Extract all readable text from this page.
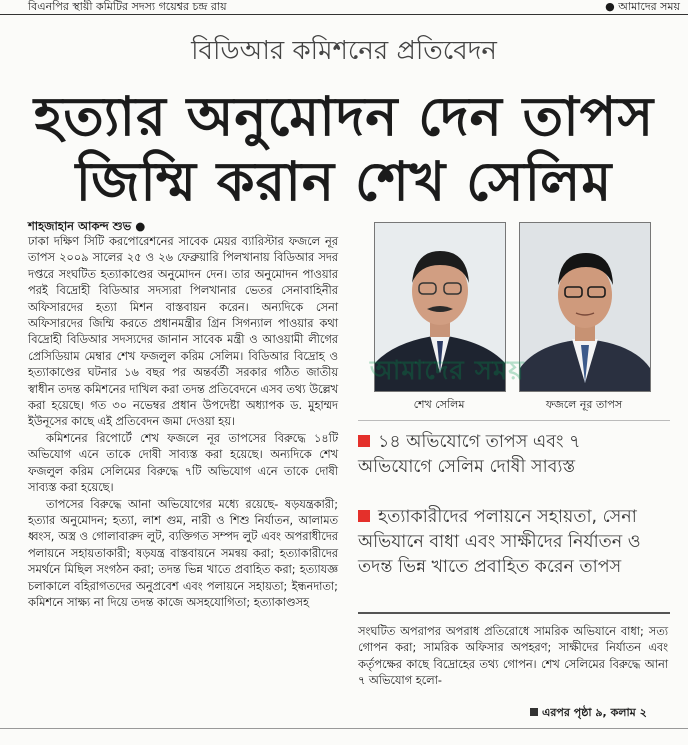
বিএনপির স্থায়ী কমিটির সদস্য গয়েশ্বর চন্দ্র রায়	● আমাদের সময়
বিডিআর কমিশনের প্রতিবেদন
হত্যার অনুমোদন দেন তাপস
জিম্মি করান শেখ সেলিম
শাহজাহান আকন্দ শুভ ●

ঢাকা দক্ষিণ সিটি করপোরেশনের সাবেক মেয়র ব্যারিস্টার ফজলে নূর তাপস ২০০৯ সালের ২৫ ও ২৬ ফেব্রুয়ারি পিলখানায় বিডিআর সদর দপ্তরে সংঘটিত হত্যাকাণ্ডের অনুমোদন দেন। তার অনুমোদন পাওয়ার পরই বিদ্রোহী বিডিআর সদস্যরা পিলখানার ভেতর সেনাবাহিনীর অফিসারদের হত্যা মিশন বাস্তবায়ন করেন। অন্যদিকে সেনা অফিসারদের জিম্মি করতে প্রধানমন্ত্রীর গ্রিন সিগন্যাল পাওয়ার কথা বিদ্রোহী বিডিআর সদস্যদের জানান সাবেক মন্ত্রী ও আওয়ামী লীগের প্রেসিডিয়াম মেম্বার শেখ ফজলুল করিম সেলিম। বিডিআর বিদ্রোহ ও হত্যাকাণ্ডের ঘটনার ১৬ বছর পর অন্তর্বর্তী সরকার গঠিত জাতীয় স্বাধীন তদন্ত কমিশনের দাখিল করা তদন্ত প্রতিবেদনে এসব তথ্য উল্লেখ করা হয়েছে। গত ৩০ নভেম্বর প্রধান উপদেষ্টা অধ্যাপক ড. মুহাম্মদ ইউনূসের কাছে এই প্রতিবেদন জমা দেওয়া হয়।

কমিশনের রিপোর্টে শেখ ফজলে নূর তাপসের বিরুদ্ধে ১৪টি অভিযোগ এনে তাকে দোষী সাব্যস্ত করা হয়েছে। অন্যদিকে শেখ ফজলুল করিম সেলিমের বিরুদ্ধে ৭টি অভিযোগ এনে তাকে দোষী সাব্যস্ত করা হয়েছে।

তাপসের বিরুদ্ধে আনা অভিযোগের মধ্যে রয়েছে- ষড়যন্ত্রকারী; হত্যার অনুমোদন; হত্যা, লাশ গুম, নারী ও শিশু নির্যাতন, আলামত ধ্বংস, অস্ত্র ও গোলাবারুদ লুট, ব্যক্তিগত সম্পদ লুট এবং অপরাধীদের পলায়নে সহায়তাকারী; ষড়যন্ত্র বাস্তবায়নে সমন্বয় করা; হত্যাকারীদের সমর্থনে মিছিল সংগঠন করা; তদন্ত ভিন্ন খাতে প্রবাহিত করা; হত্যাযজ্ঞ চলাকালে বহিরাগতদের অনুপ্রবেশ এবং পলায়নে সহায়তা; ইন্ধনদাতা; কমিশনে সাক্ষ্য না দিয়ে তদন্ত কাজে অসহযোগিতা; হত্যাকাণ্ডসহ

আমাদের সময়
শেখ সেলিম	ফজলে নূর তাপস
১৪ অভিযোগে তাপস এবং ৭ অভিযোগে সেলিম দোষী সাব্যস্ত
হত্যাকারীদের পলায়নে সহায়তা, সেনা অভিযানে বাধা এবং সাক্ষীদের নির্যাতন ও তদন্ত ভিন্ন খাতে প্রবাহিত করেন তাপস
সংঘটিত অপরাপর অপরাধ প্রতিরোধে সামরিক অভিযানে বাধা; সত্য গোপন করা; সামরিক অফিসার অপহরণ; সাক্ষীদের নির্যাতন এবং কর্তৃপক্ষের কাছে বিদ্রোহের তথ্য গোপন। শেখ সেলিমের বিরুদ্ধে আনা ৭ অভিযোগ হলো-
এরপর পৃষ্ঠা ৯, কলাম ২
